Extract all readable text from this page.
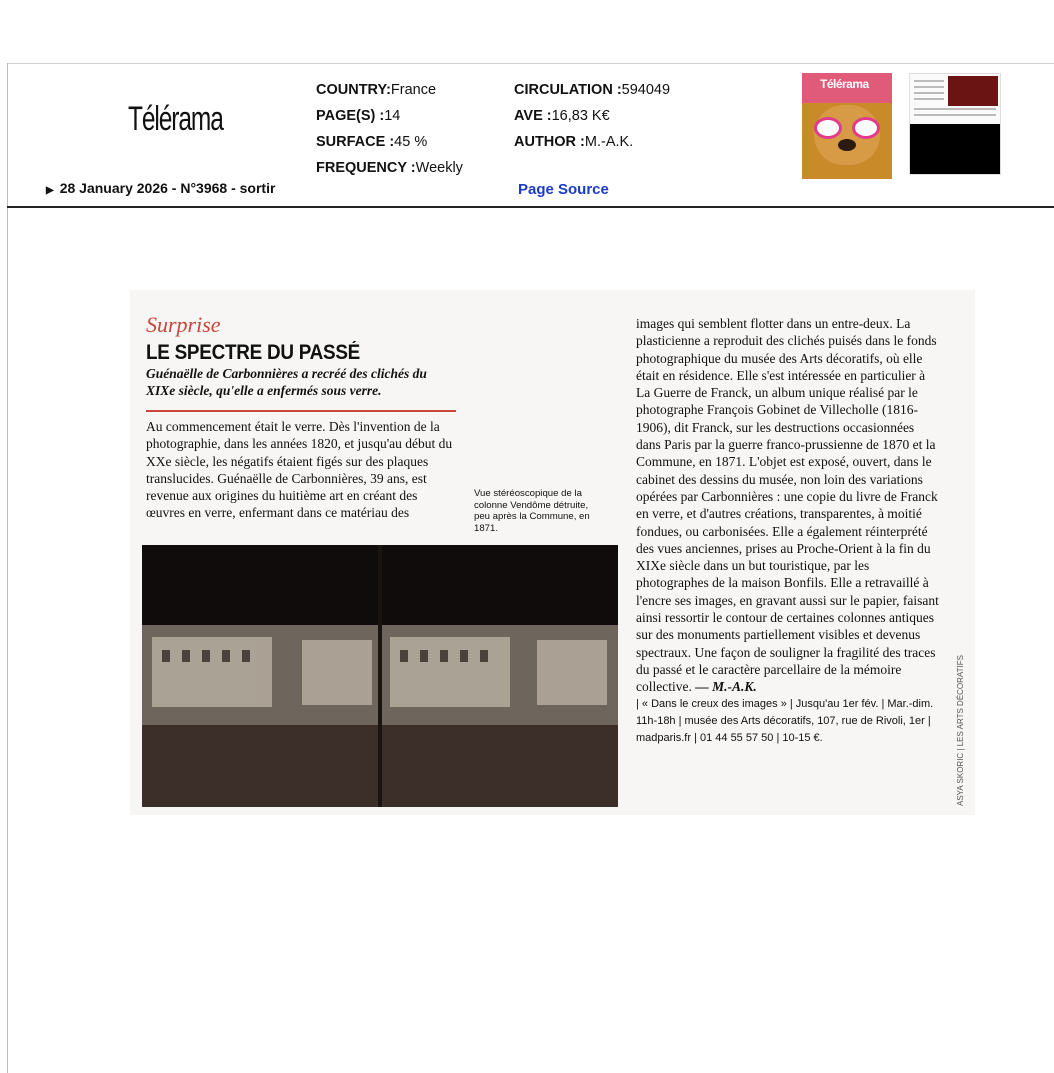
Télérama
COUNTRY:France
PAGE(S) :14
SURFACE :45 %
FREQUENCY :Weekly
CIRCULATION :594049
AVE :16,83 K€
AUTHOR :M.-A.K.
▶ 28 January 2026 - N°3968 - sortir	Page Source
Télérama
Surprise
LE SPECTRE DU PASSÉ
Guénaëlle de Carbonnières a recréé des clichés du XIXe siècle, qu'elle a enfermés sous verre.
Au commencement était le verre. Dès l'invention de la photographie, dans les années 1820, et jusqu'au début du XXe siècle, les négatifs étaient figés sur des plaques translucides. Guénaëlle de Carbonnières, 39 ans, est revenue aux origines du huitième art en créant des œuvres en verre, enfermant dans ce matériau des
Vue stéréoscopique de la colonne Vendôme détruite, peu après la Commune, en 1871.
images qui semblent flotter dans un entre-deux. La plasticienne a reproduit des clichés puisés dans le fonds photographique du musée des Arts décoratifs, où elle était en résidence. Elle s'est intéressée en particulier à La Guerre de Franck, un album unique réalisé par le photographe François Gobinet de Villecholle (1816-1906), dit Franck, sur les destructions occasionnées dans Paris par la guerre franco-prussienne de 1870 et la Commune, en 1871. L'objet est exposé, ouvert, dans le cabinet des dessins du musée, non loin des variations opérées par Carbonnières : une copie du livre de Franck en verre, et d'autres créations, transparentes, à moitié fondues, ou carbonisées. Elle a également réinterprété des vues anciennes, prises au Proche-Orient à la fin du XIXe siècle dans un but touristique, par les photographes de la maison Bonfils. Elle a retravaillé à l'encre ses images, en gravant aussi sur le papier, faisant ainsi ressortir le contour de certaines colonnes antiques sur des monuments partiellement visibles et devenus spectraux. Une façon de souligner la fragilité des traces du passé et le caractère parcellaire de la mémoire collective. — M.-A.K.
| « Dans le creux des images » | Jusqu'au 1er fév. | Mar.-dim. 11h-18h | musée des Arts décoratifs, 107, rue de Rivoli, 1er | madparis.fr | 01 44 55 57 50 | 10-15 €.	ASYA SKORIC | LES ARTS DÉCORATIFS
